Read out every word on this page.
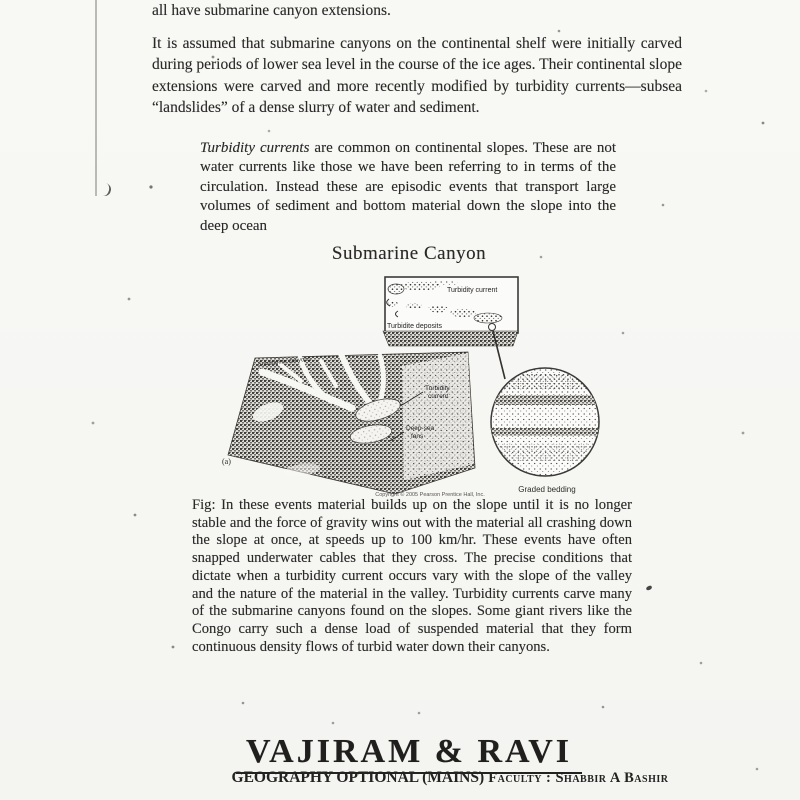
all have submarine canyon extensions.
It is assumed that submarine canyons on the continental shelf were initially carved during periods of lower sea level in the course of the ice ages. Their continental slope extensions were carved and more recently modified by turbidity currents—subsea “landslides” of a dense slurry of water and sediment.
Turbidity currents are common on continental slopes. These are not water currents like those we have been referring to in terms of the circulation. Instead these are episodic events that transport large volumes of sediment and bottom material down the slope into the deep ocean
Submarine Canyon
Turbidity current
Turbidite deposits
Submarine canyons
Turbidity
current
Deep-sea
fans
(a)
Graded bedding
Copyright © 2005 Pearson Prentice Hall, Inc.
Fig: In these events material builds up on the slope until it is no longer stable and the force of gravity wins out with the material all crashing down the slope at once, at speeds up to 100 km/hr. These events have often snapped underwater cables that they cross. The precise conditions that dictate when a turbidity current occurs vary with the slope of the valley and the nature of the material in the valley. Turbidity currents carve many of the submarine canyons found on the slopes. Some giant rivers like the Congo carry such a dense load of suspended material that they form continuous density flows of turbid water down their canyons.
VAJIRAM & RAVI
GEOGRAPHY OPTIONAL (MAINS) Faculty : Shabbir A Bashir
